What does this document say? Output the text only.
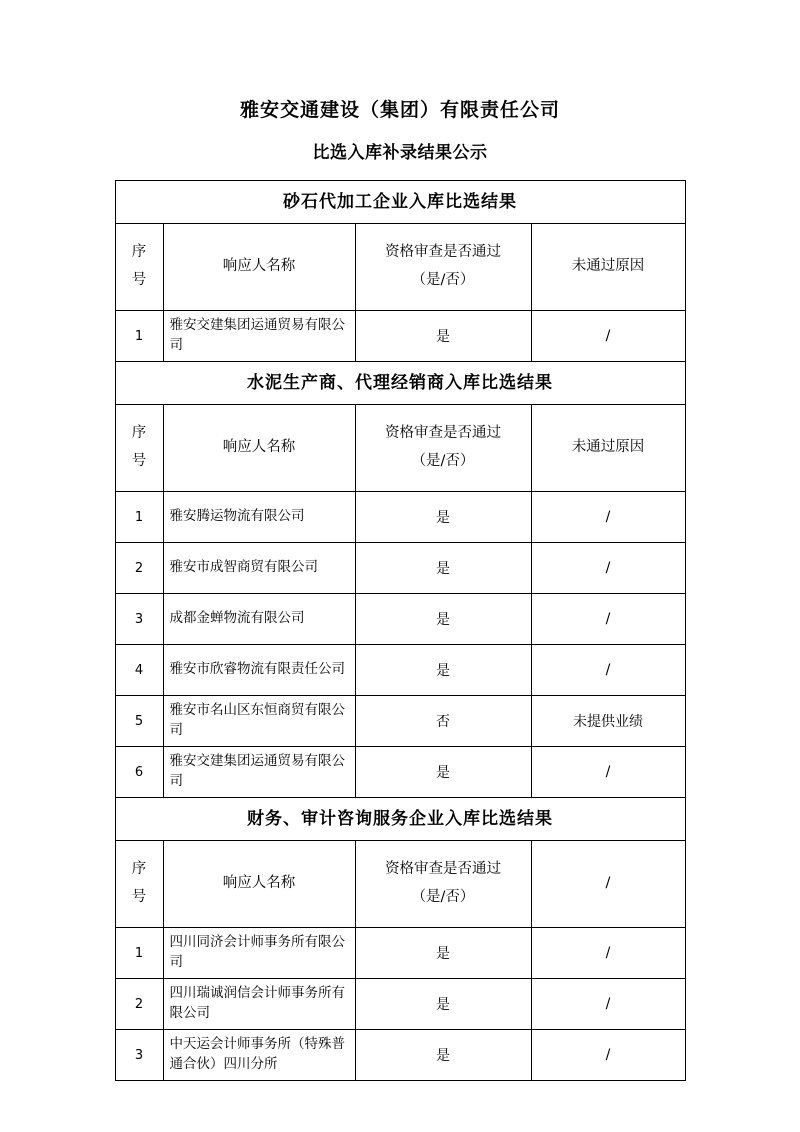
雅安交通建设（集团）有限责任公司
比选入库补录结果公示
砂石代加工企业入库比选结果			

序
号	响应人名称	资格审查是否通过
（是/否）	未通过原因
1	雅安交建集团运通贸易有限公司	是	/
水泥生产商、代理经销商入库比选结果			

序
号	响应人名称	资格审查是否通过
（是/否）	未通过原因
1	雅安腾运物流有限公司	是	/
2	雅安市成智商贸有限公司	是	/
3	成都金蝉物流有限公司	是	/
4	雅安市欣睿物流有限责任公司	是	/
5	雅安市名山区东恒商贸有限公司	否	未提供业绩
6	雅安交建集团运通贸易有限公司	是	/
财务、审计咨询服务企业入库比选结果			

序
号	响应人名称	资格审查是否通过
（是/否）	/
1	四川同济会计师事务所有限公司	是	/
2	四川瑞诚润信会计师事务所有限公司	是	/
3	中天运会计师事务所（特殊普通合伙）四川分所	是	/
